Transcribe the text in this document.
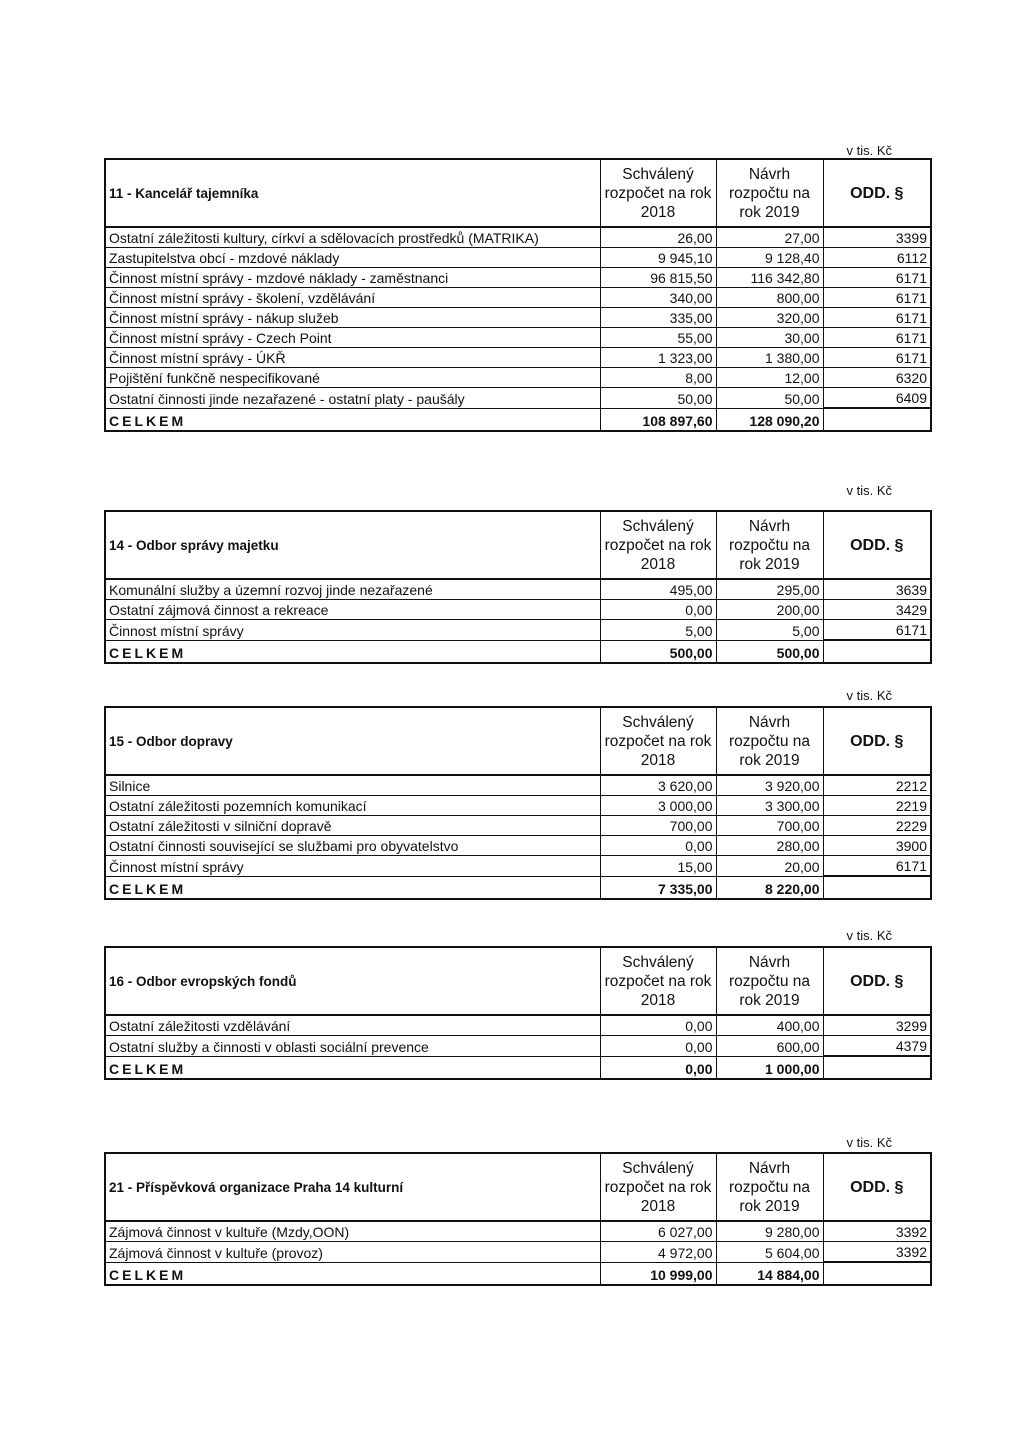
v tis. Kč
11 - Kancelář tajemníka	Schválený rozpočet na rok 2018	Návrh rozpočtu na rok 2019	ODD. §
Ostatní záležitosti kultury, církví a sdělovacích prostředků (MATRIKA)	26,00	27,00	3399
Zastupitelstva obcí - mzdové náklady	9 945,10	9 128,40	6112
Činnost místní správy - mzdové náklady - zaměstnanci	96 815,50	116 342,80	6171
Činnost místní správy - školení, vzdělávání	340,00	800,00	6171
Činnost místní správy - nákup služeb	335,00	320,00	6171
Činnost místní správy - Czech Point	55,00	30,00	6171
Činnost místní správy - ÚKŘ	1 323,00	1 380,00	6171
Pojištění funkčně nespecifikované	8,00	12,00	6320
Ostatní činnosti jinde nezařazené - ostatní platy - paušály	50,00	50,00	6409
CELKEM	108 897,60	128 090,20	
v tis. Kč
14 - Odbor správy majetku	Schválený rozpočet na rok 2018	Návrh rozpočtu na rok 2019	ODD. §
Komunální služby a územní rozvoj jinde nezařazené	495,00	295,00	3639
Ostatní zájmová činnost a rekreace	0,00	200,00	3429
Činnost místní správy	5,00	5,00	6171
CELKEM	500,00	500,00	
v tis. Kč
15 - Odbor dopravy	Schválený rozpočet na rok 2018	Návrh rozpočtu na rok 2019	ODD. §
Silnice	3 620,00	3 920,00	2212
Ostatní záležitosti pozemních komunikací	3 000,00	3 300,00	2219
Ostatní záležitosti v silniční dopravě	700,00	700,00	2229
Ostatní činnosti související se službami pro obyvatelstvo	0,00	280,00	3900
Činnost místní správy	15,00	20,00	6171
CELKEM	7 335,00	8 220,00	
v tis. Kč
16 - Odbor evropských fondů	Schválený rozpočet na rok 2018	Návrh rozpočtu na rok 2019	ODD. §
Ostatní záležitosti vzdělávání	0,00	400,00	3299
Ostatní služby a činnosti v oblasti sociální prevence	0,00	600,00	4379
CELKEM	0,00	1 000,00	
v tis. Kč
21 - Příspěvková organizace Praha 14 kulturní	Schválený rozpočet na rok 2018	Návrh rozpočtu na rok 2019	ODD. §
Zájmová činnost v kultuře (Mzdy,OON)	6 027,00	9 280,00	3392
Zájmová činnost v kultuře (provoz)	4 972,00	5 604,00	3392
CELKEM	10 999,00	14 884,00	
